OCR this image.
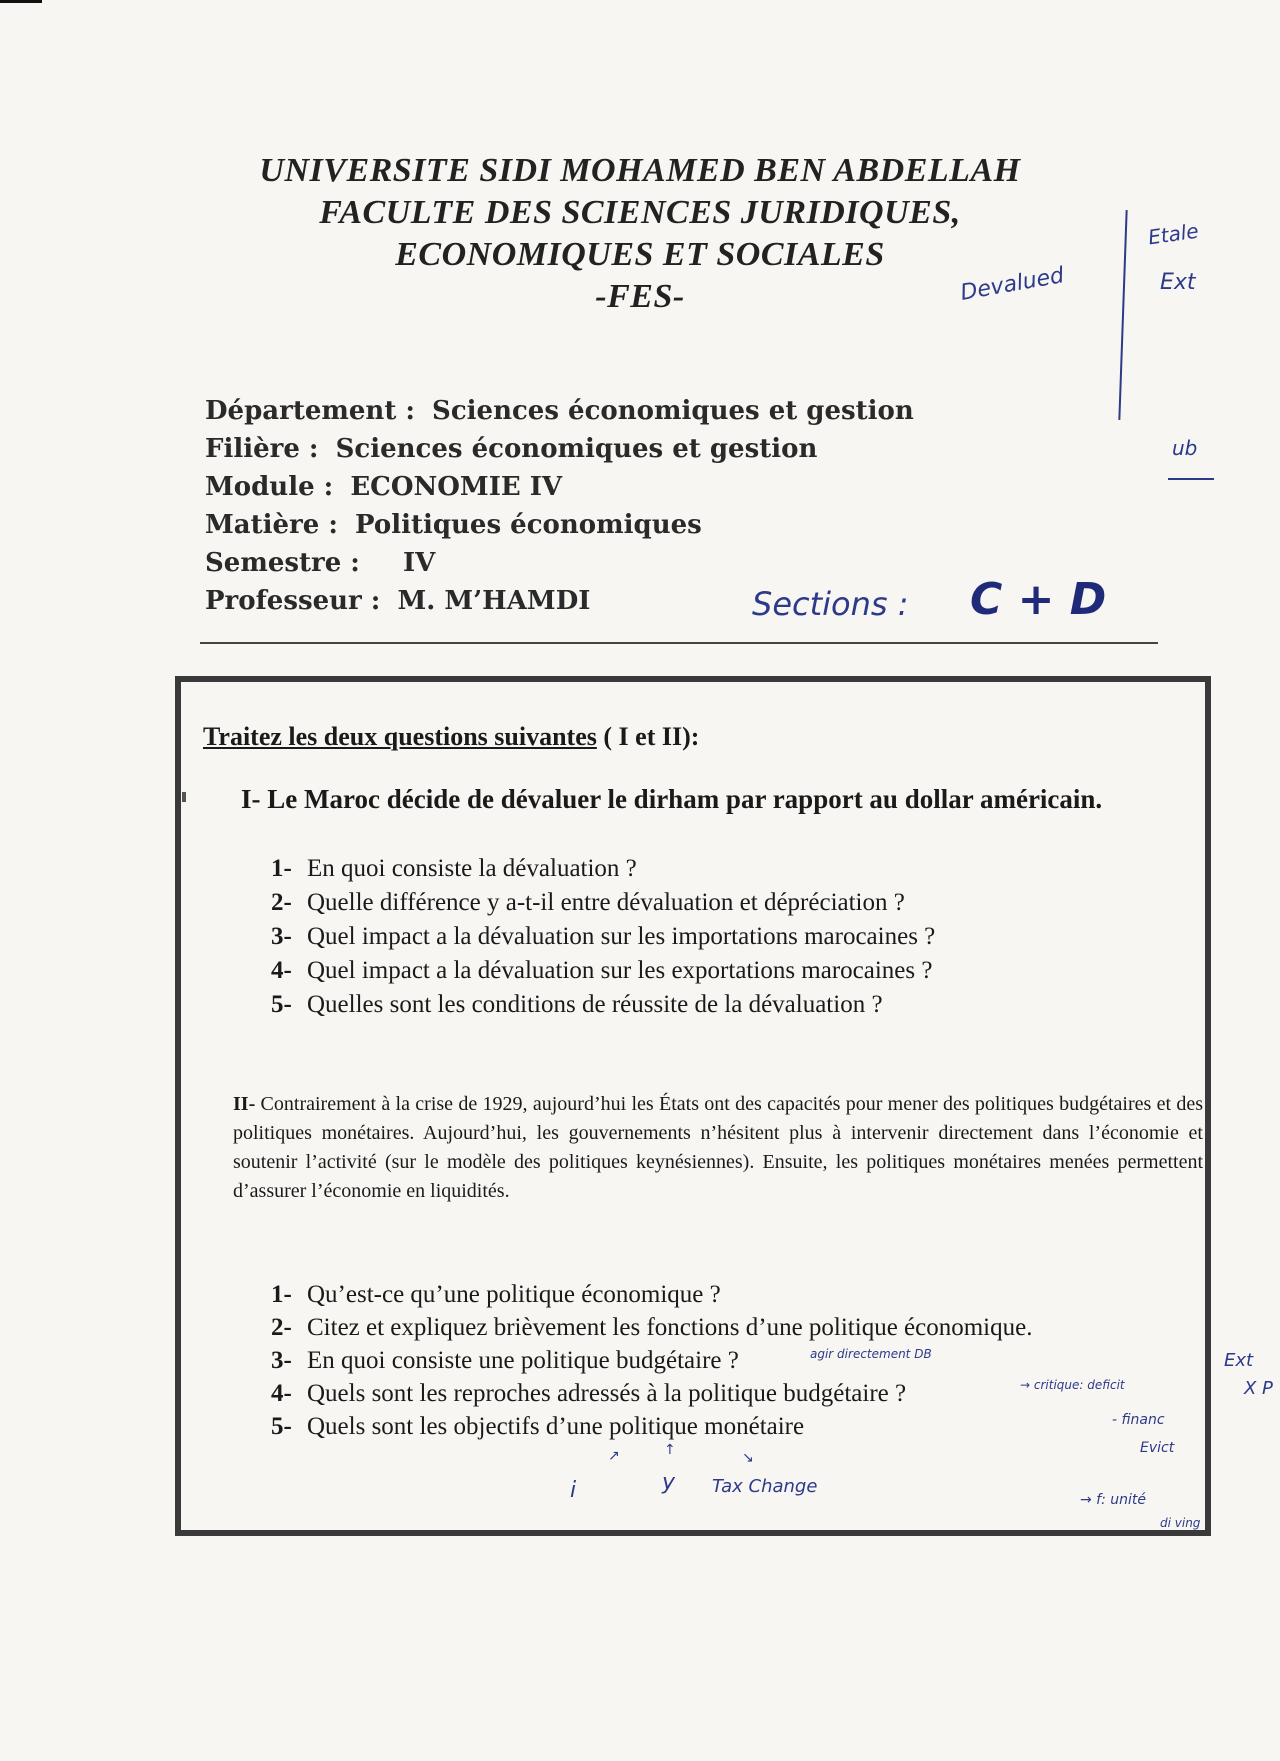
UNIVERSITE SIDI MOHAMED BEN ABDELLAH
FACULTE DES SCIENCES JURIDIQUES,
ECONOMIQUES ET SOCIALES
-FES-
Département : Sciences économiques et gestion
Filière : Sciences économiques et gestion
Module : ECONOMIE IV
Matière : Politiques économiques
Semestre : IV
Professeur : M. M’HAMDI	Sections : C + D
Devalued
Etale
Ext
ub
Traitez les deux questions suivantes ( I et II):
I- Le Maroc décide de dévaluer le dirham par rapport au dollar américain.
1- En quoi consiste la dévaluation ?
2- Quelle différence y a-t-il entre dévaluation et dépréciation ?
3- Quel impact a la dévaluation sur les importations marocaines ?
4- Quel impact a la dévaluation sur les exportations marocaines ?
5- Quelles sont les conditions de réussite de la dévaluation ?
II- Contrairement à la crise de 1929, aujourd’hui les États ont des capacités pour mener des politiques budgétaires et des politiques monétaires. Aujourd’hui, les gouvernements n’hésitent plus à intervenir directement dans l’économie et soutenir l’activité (sur le modèle des politiques keynésiennes). Ensuite, les politiques monétaires menées permettent d’assurer l’économie en liquidités.
1- Qu’est-ce qu’une politique économique ?
2- Citez et expliquez brièvement les fonctions d’une politique économique.
3- En quoi consiste une politique budgétaire ?
4- Quels sont les reproches adressés à la politique budgétaire ?
5- Quels sont les objectifs d’une politique monétaire
agir directement DB
→ critique: deficit
Ext
X P
- financ
Evict
→ f: unité
di ving
i	y Tax Change
↗	↑	↘
